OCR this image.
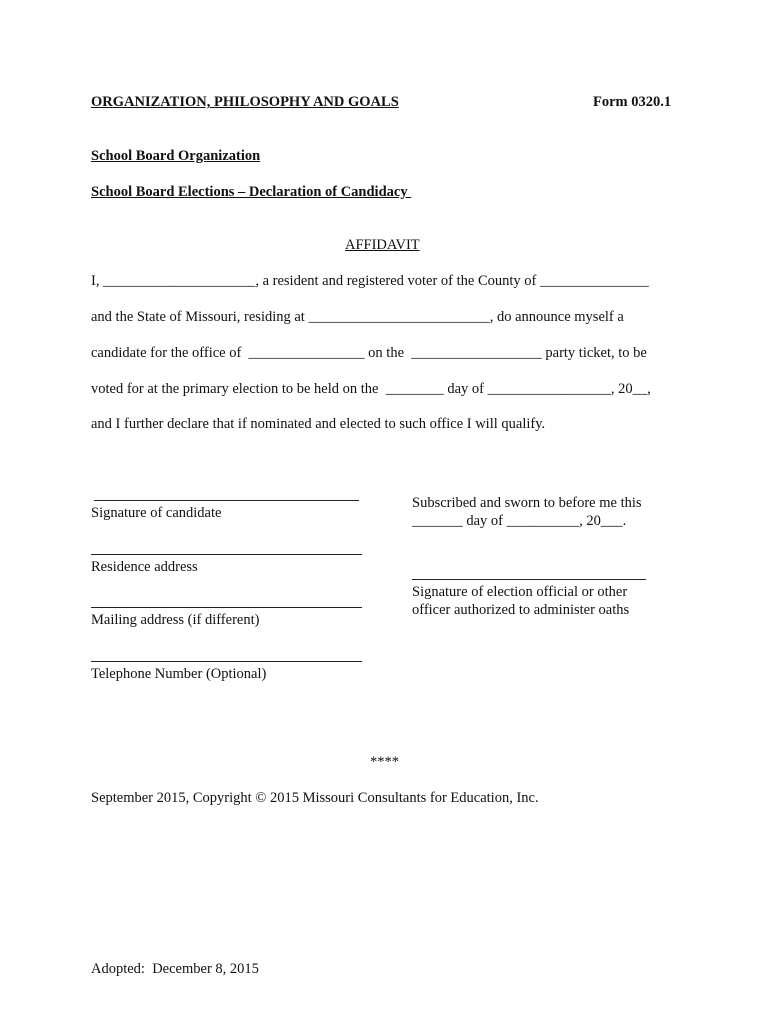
ORGANIZATION, PHILOSOPHY AND GOALS	Form 0320.1
School Board Organization
School Board Elections – Declaration of Candidacy
AFFIDAVIT
I, _____________________, a resident and registered voter of the County of _______________
and the State of Missouri, residing at _________________________, do announce myself a
candidate for the office of  ________________ on the  __________________ party ticket, to be
voted for at the primary election to be held on the  ________ day of _________________, 20__,
and I further declare that if nominated and elected to such office I will qualify.
Signature of candidate
Residence address
Mailing address (if different)
Telephone Number (Optional)
Subscribed and sworn to before me this
_______ day of __________, 20___.
Signature of election official or other
officer authorized to administer oaths
****
September 2015, Copyright © 2015 Missouri Consultants for Education, Inc.
Adopted:  December 8, 2015
